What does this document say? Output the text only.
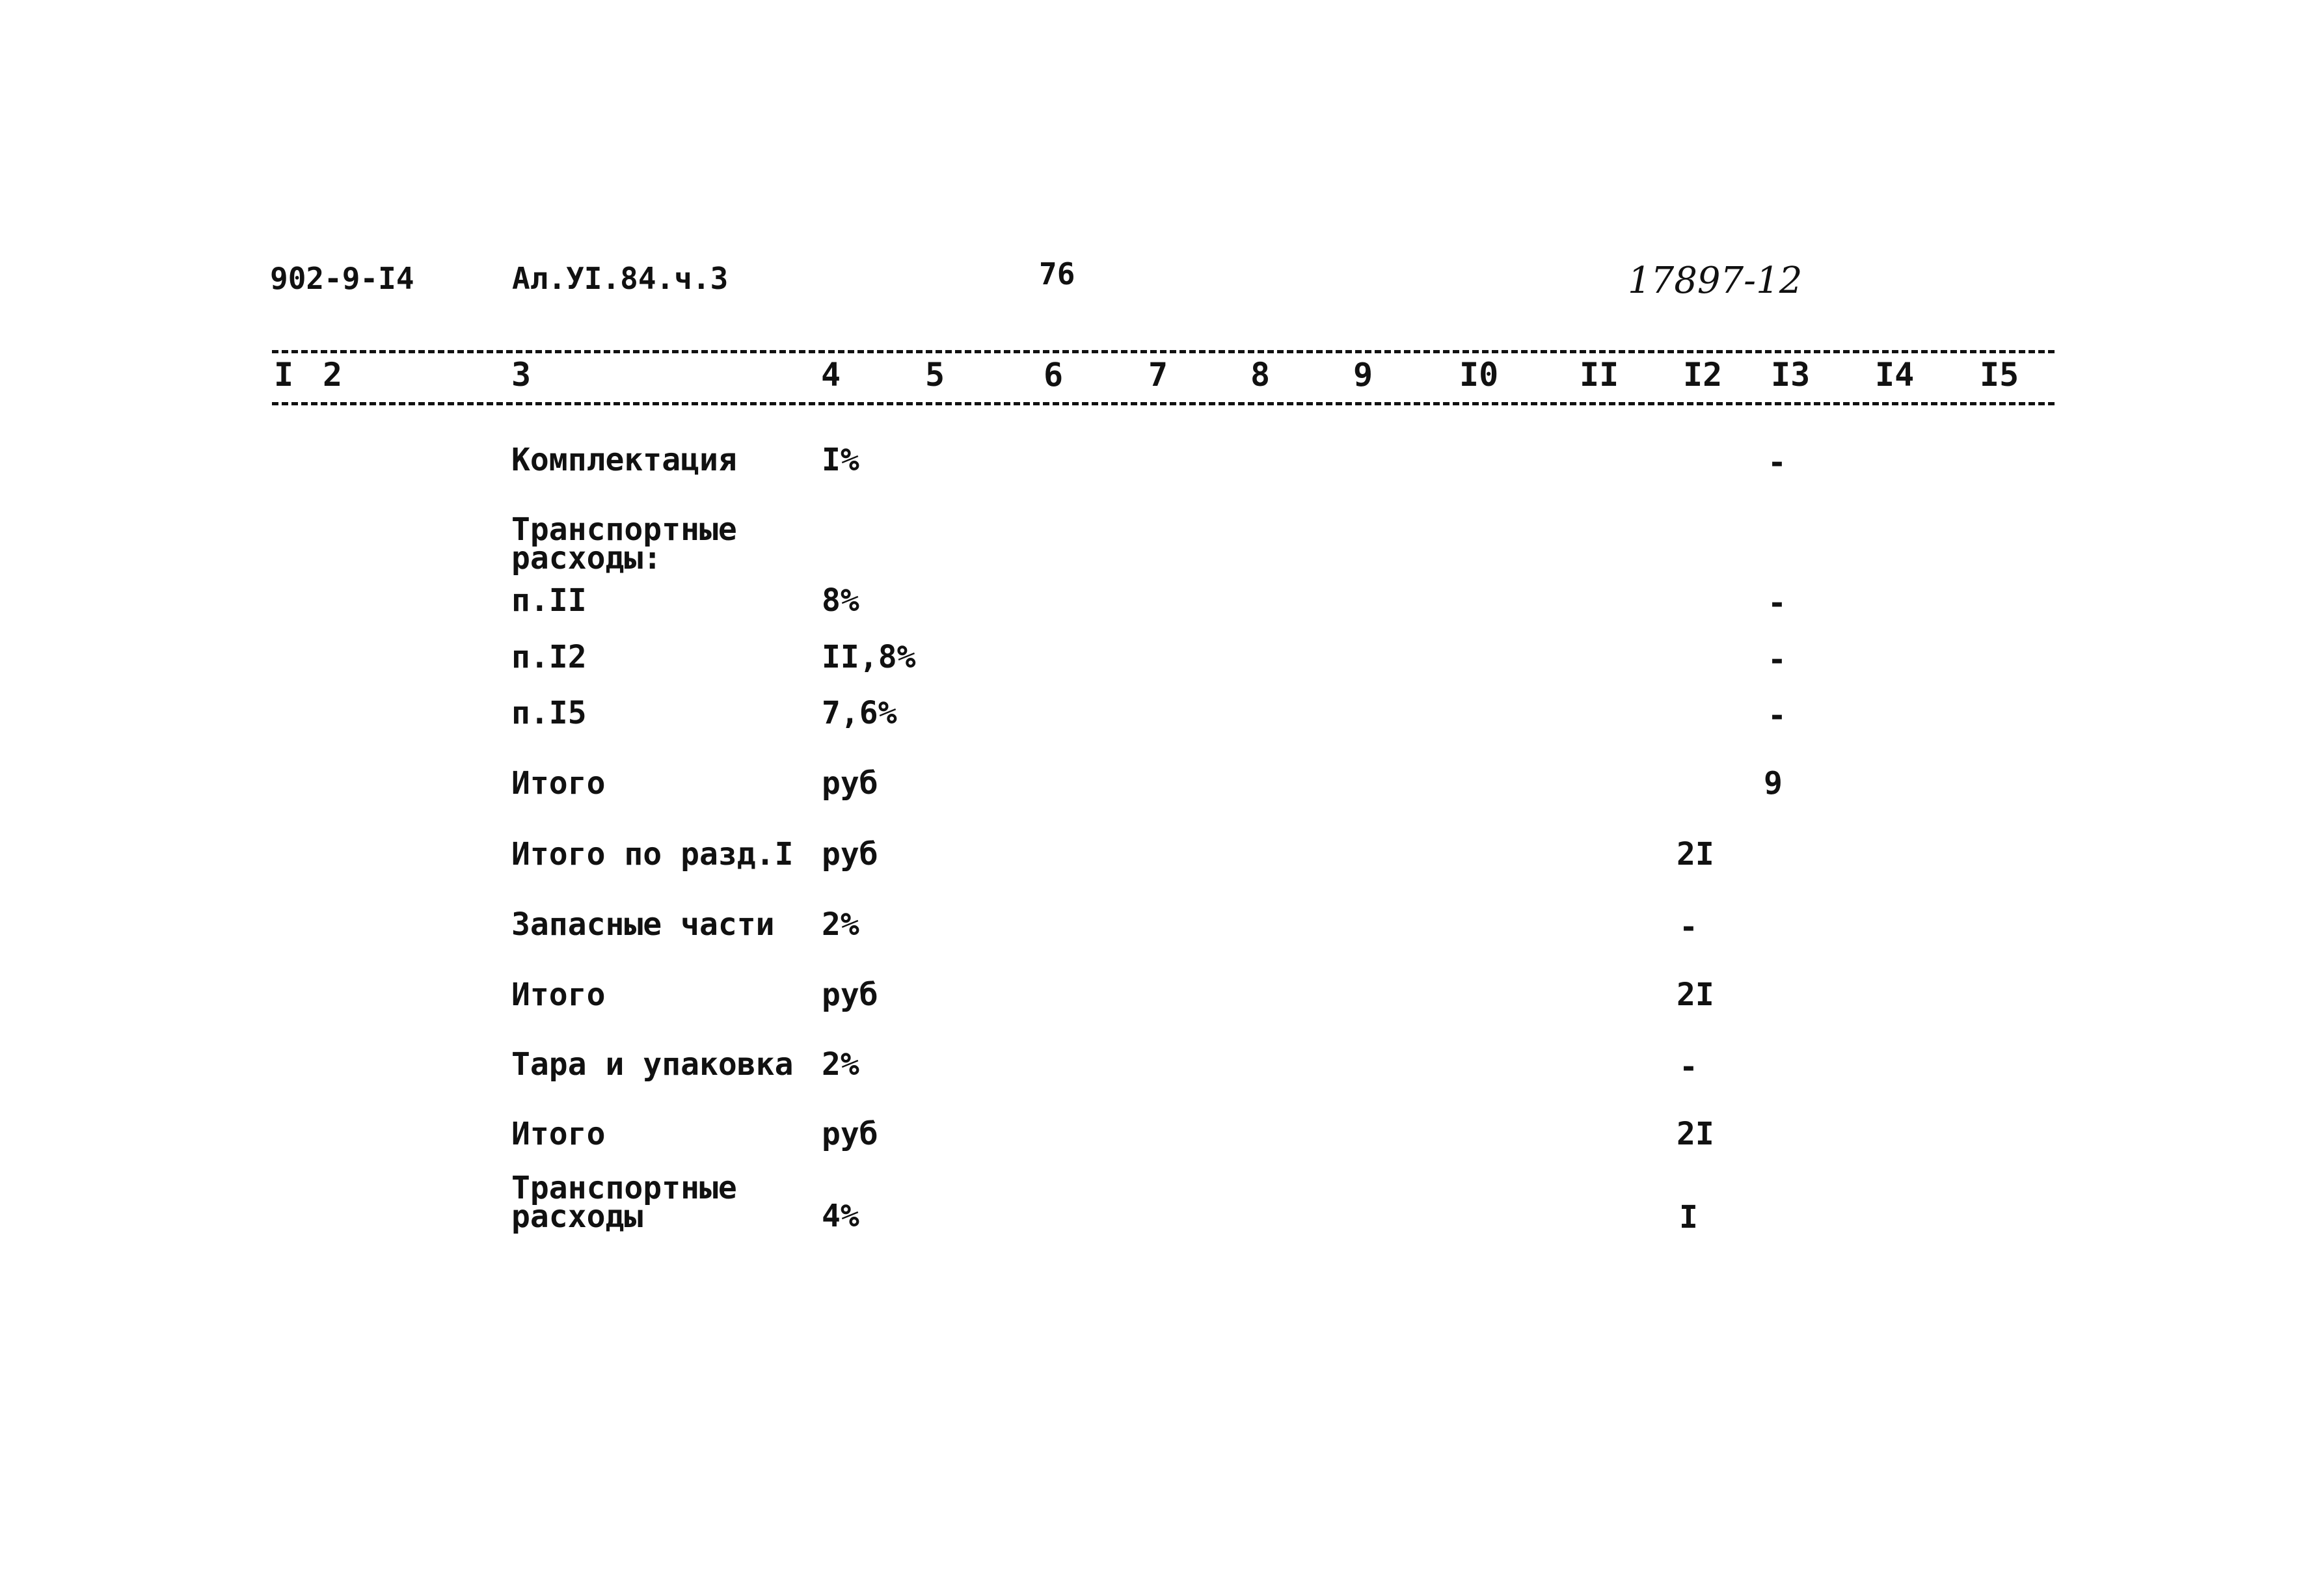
902-9-I4	Ал.УI.84.ч.3	76	17897-12
I 2	3	4	5	6	7	8	9	I0 II I2 I3 I4 I5
Комплектация	I%	-
Транспортные расходы:
п.II	8%	-
п.I2	II,8%	-
п.I5	7,6%	-
Итого	руб	9
Итого по разд.I руб	2I
Запасные части 2%	-
Итого	руб	2I
Тара и упаковка 2%	-
Итого	руб	2I
Транспортные расходы	4%	I
